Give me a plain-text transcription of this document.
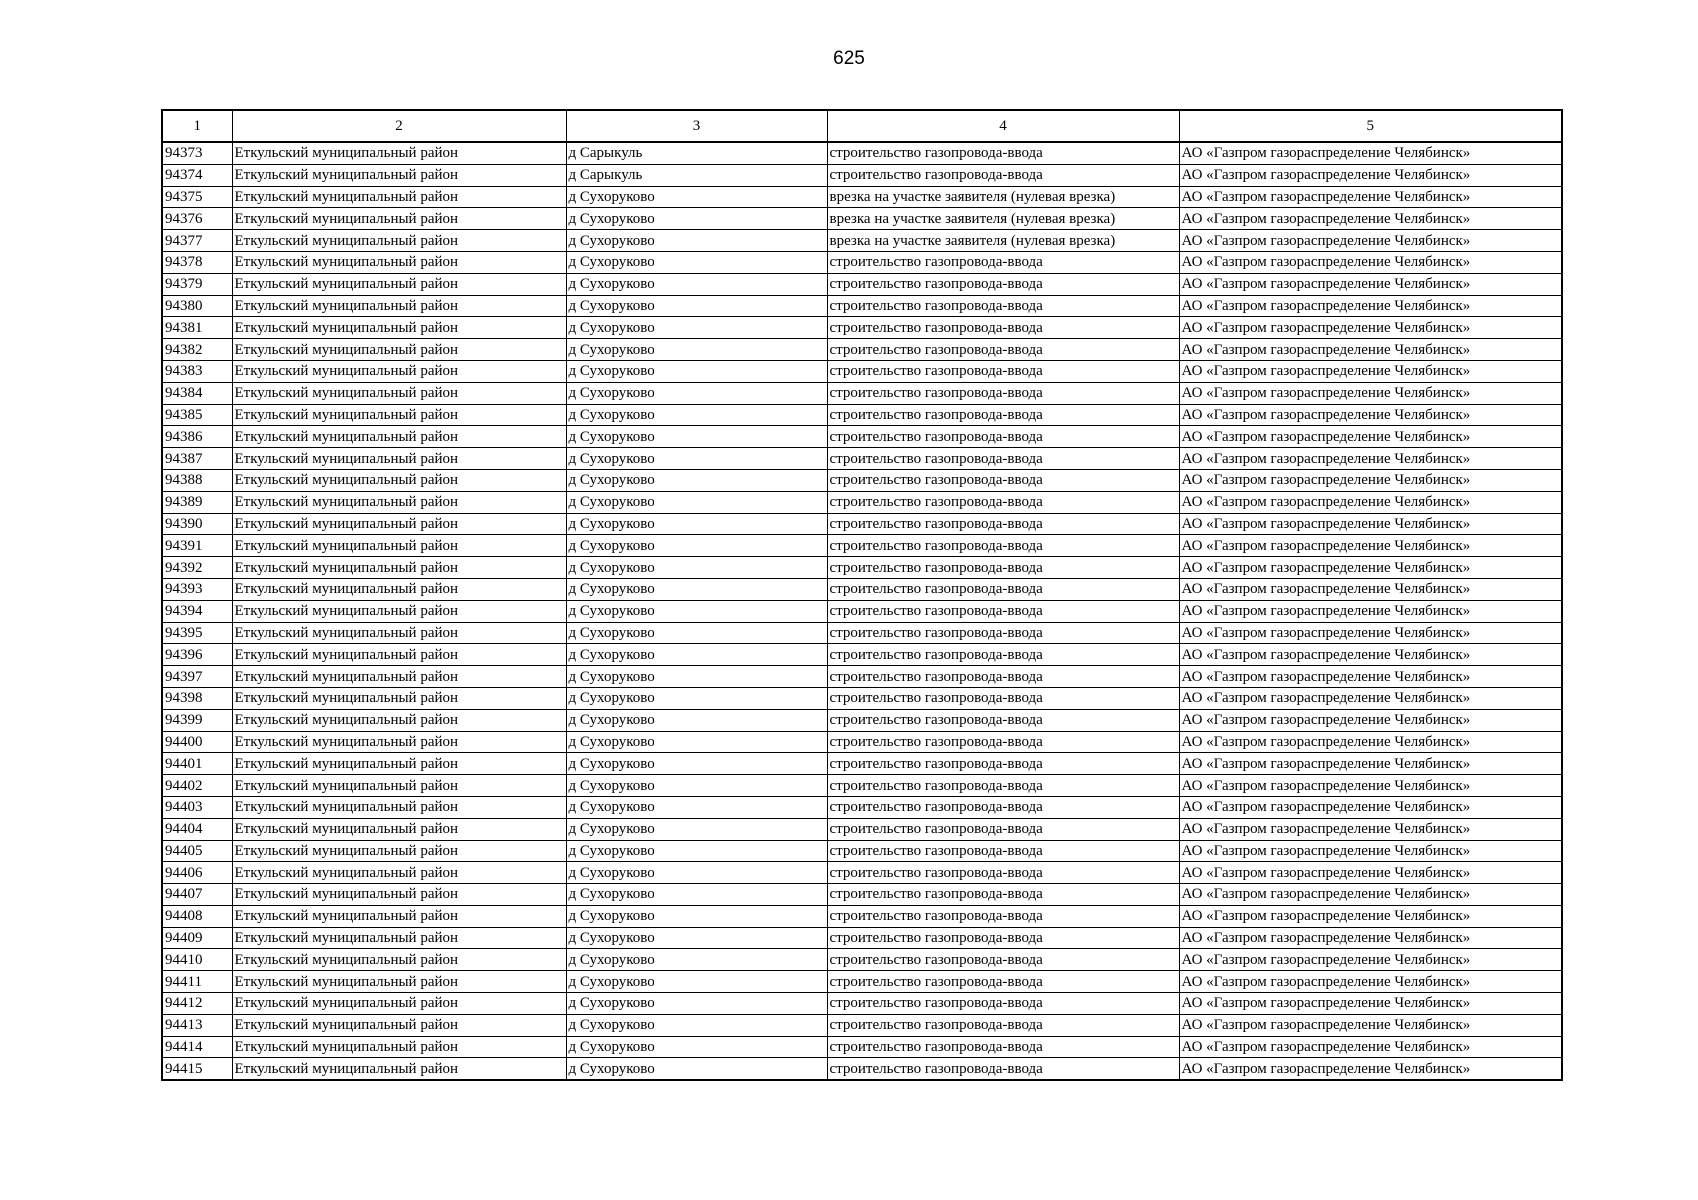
625
1	2	3	4	5
94373	Еткульский муниципальный район	д Сарыкуль	строительство газопровода-ввода	АО «Газпром газораспределение Челябинск»
94374	Еткульский муниципальный район	д Сарыкуль	строительство газопровода-ввода	АО «Газпром газораспределение Челябинск»
94375	Еткульский муниципальный район	д Сухоруково	врезка на участке заявителя (нулевая врезка)	АО «Газпром газораспределение Челябинск»
94376	Еткульский муниципальный район	д Сухоруково	врезка на участке заявителя (нулевая врезка)	АО «Газпром газораспределение Челябинск»
94377	Еткульский муниципальный район	д Сухоруково	врезка на участке заявителя (нулевая врезка)	АО «Газпром газораспределение Челябинск»
94378	Еткульский муниципальный район	д Сухоруково	строительство газопровода-ввода	АО «Газпром газораспределение Челябинск»
94379	Еткульский муниципальный район	д Сухоруково	строительство газопровода-ввода	АО «Газпром газораспределение Челябинск»
94380	Еткульский муниципальный район	д Сухоруково	строительство газопровода-ввода	АО «Газпром газораспределение Челябинск»
94381	Еткульский муниципальный район	д Сухоруково	строительство газопровода-ввода	АО «Газпром газораспределение Челябинск»
94382	Еткульский муниципальный район	д Сухоруково	строительство газопровода-ввода	АО «Газпром газораспределение Челябинск»
94383	Еткульский муниципальный район	д Сухоруково	строительство газопровода-ввода	АО «Газпром газораспределение Челябинск»
94384	Еткульский муниципальный район	д Сухоруково	строительство газопровода-ввода	АО «Газпром газораспределение Челябинск»
94385	Еткульский муниципальный район	д Сухоруково	строительство газопровода-ввода	АО «Газпром газораспределение Челябинск»
94386	Еткульский муниципальный район	д Сухоруково	строительство газопровода-ввода	АО «Газпром газораспределение Челябинск»
94387	Еткульский муниципальный район	д Сухоруково	строительство газопровода-ввода	АО «Газпром газораспределение Челябинск»
94388	Еткульский муниципальный район	д Сухоруково	строительство газопровода-ввода	АО «Газпром газораспределение Челябинск»
94389	Еткульский муниципальный район	д Сухоруково	строительство газопровода-ввода	АО «Газпром газораспределение Челябинск»
94390	Еткульский муниципальный район	д Сухоруково	строительство газопровода-ввода	АО «Газпром газораспределение Челябинск»
94391	Еткульский муниципальный район	д Сухоруково	строительство газопровода-ввода	АО «Газпром газораспределение Челябинск»
94392	Еткульский муниципальный район	д Сухоруково	строительство газопровода-ввода	АО «Газпром газораспределение Челябинск»
94393	Еткульский муниципальный район	д Сухоруково	строительство газопровода-ввода	АО «Газпром газораспределение Челябинск»
94394	Еткульский муниципальный район	д Сухоруково	строительство газопровода-ввода	АО «Газпром газораспределение Челябинск»
94395	Еткульский муниципальный район	д Сухоруково	строительство газопровода-ввода	АО «Газпром газораспределение Челябинск»
94396	Еткульский муниципальный район	д Сухоруково	строительство газопровода-ввода	АО «Газпром газораспределение Челябинск»
94397	Еткульский муниципальный район	д Сухоруково	строительство газопровода-ввода	АО «Газпром газораспределение Челябинск»
94398	Еткульский муниципальный район	д Сухоруково	строительство газопровода-ввода	АО «Газпром газораспределение Челябинск»
94399	Еткульский муниципальный район	д Сухоруково	строительство газопровода-ввода	АО «Газпром газораспределение Челябинск»
94400	Еткульский муниципальный район	д Сухоруково	строительство газопровода-ввода	АО «Газпром газораспределение Челябинск»
94401	Еткульский муниципальный район	д Сухоруково	строительство газопровода-ввода	АО «Газпром газораспределение Челябинск»
94402	Еткульский муниципальный район	д Сухоруково	строительство газопровода-ввода	АО «Газпром газораспределение Челябинск»
94403	Еткульский муниципальный район	д Сухоруково	строительство газопровода-ввода	АО «Газпром газораспределение Челябинск»
94404	Еткульский муниципальный район	д Сухоруково	строительство газопровода-ввода	АО «Газпром газораспределение Челябинск»
94405	Еткульский муниципальный район	д Сухоруково	строительство газопровода-ввода	АО «Газпром газораспределение Челябинск»
94406	Еткульский муниципальный район	д Сухоруково	строительство газопровода-ввода	АО «Газпром газораспределение Челябинск»
94407	Еткульский муниципальный район	д Сухоруково	строительство газопровода-ввода	АО «Газпром газораспределение Челябинск»
94408	Еткульский муниципальный район	д Сухоруково	строительство газопровода-ввода	АО «Газпром газораспределение Челябинск»
94409	Еткульский муниципальный район	д Сухоруково	строительство газопровода-ввода	АО «Газпром газораспределение Челябинск»
94410	Еткульский муниципальный район	д Сухоруково	строительство газопровода-ввода	АО «Газпром газораспределение Челябинск»
94411	Еткульский муниципальный район	д Сухоруково	строительство газопровода-ввода	АО «Газпром газораспределение Челябинск»
94412	Еткульский муниципальный район	д Сухоруково	строительство газопровода-ввода	АО «Газпром газораспределение Челябинск»
94413	Еткульский муниципальный район	д Сухоруково	строительство газопровода-ввода	АО «Газпром газораспределение Челябинск»
94414	Еткульский муниципальный район	д Сухоруково	строительство газопровода-ввода	АО «Газпром газораспределение Челябинск»
94415	Еткульский муниципальный район	д Сухоруково	строительство газопровода-ввода	АО «Газпром газораспределение Челябинск»
